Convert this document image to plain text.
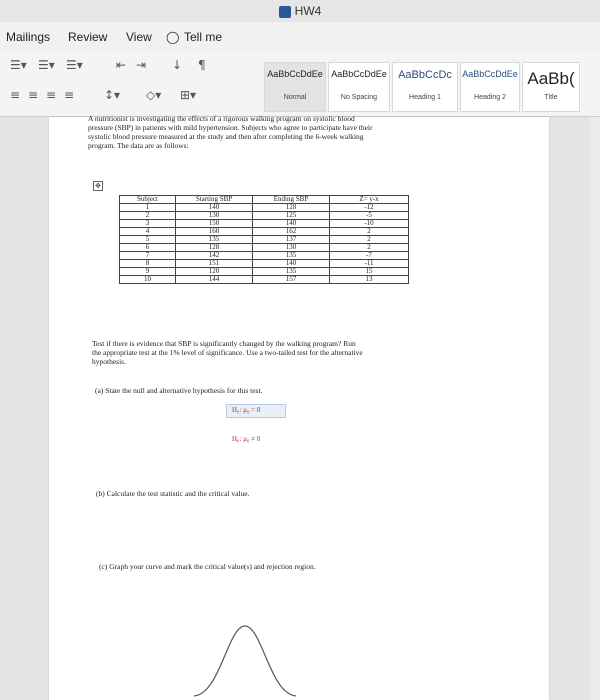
HW4
Mailings Review View ◯ Tell me
☰▾ ☰▾ ☰▾	⇤ ⇥ ↓ ¶
≡ ≡ ≡ ≡ ↕▾ ◇▾ ⊞▾
AaBbCcDdEe
Normal
AaBbCcDdEe
No Spacing
AaBbCcDc
Heading 1
AaBbCcDdEe
Heading 2
AaBb(
Title
A nutritionist is investigating the effects of a rigorous walking program on systolic blood
pressure (SBP) in patients with mild hypertension. Subjects who agree to participate have their
systolic blood pressure measured at the study and then after completing the 6-week walking
program. The data are as follows:
✥
Subject	Starting SBP	Ending SBP	Z= y-x
1	140	128	-12
2	130	125	-5
3	150	140	-10
4	160	162	2
5	135	137	2
6	128	130	2
7	142	135	-7
8	151	140	-11
9	120	135	15
10	144	157	13
Test if there is evidence that SBP is significantly changed by the walking program? Run
the appropriate test at the 1% level of significance. Use a two-tailed test for the alternative
hypothesis.
(a) State the null and alternative hypothesis for this test.
H₀: μ₀ = 0
H₀: μ₀ ≠ 0
(b) Calculate the test statistic and the critical value.
(c) Graph your curve and mark the critical value(s) and rejection region.
